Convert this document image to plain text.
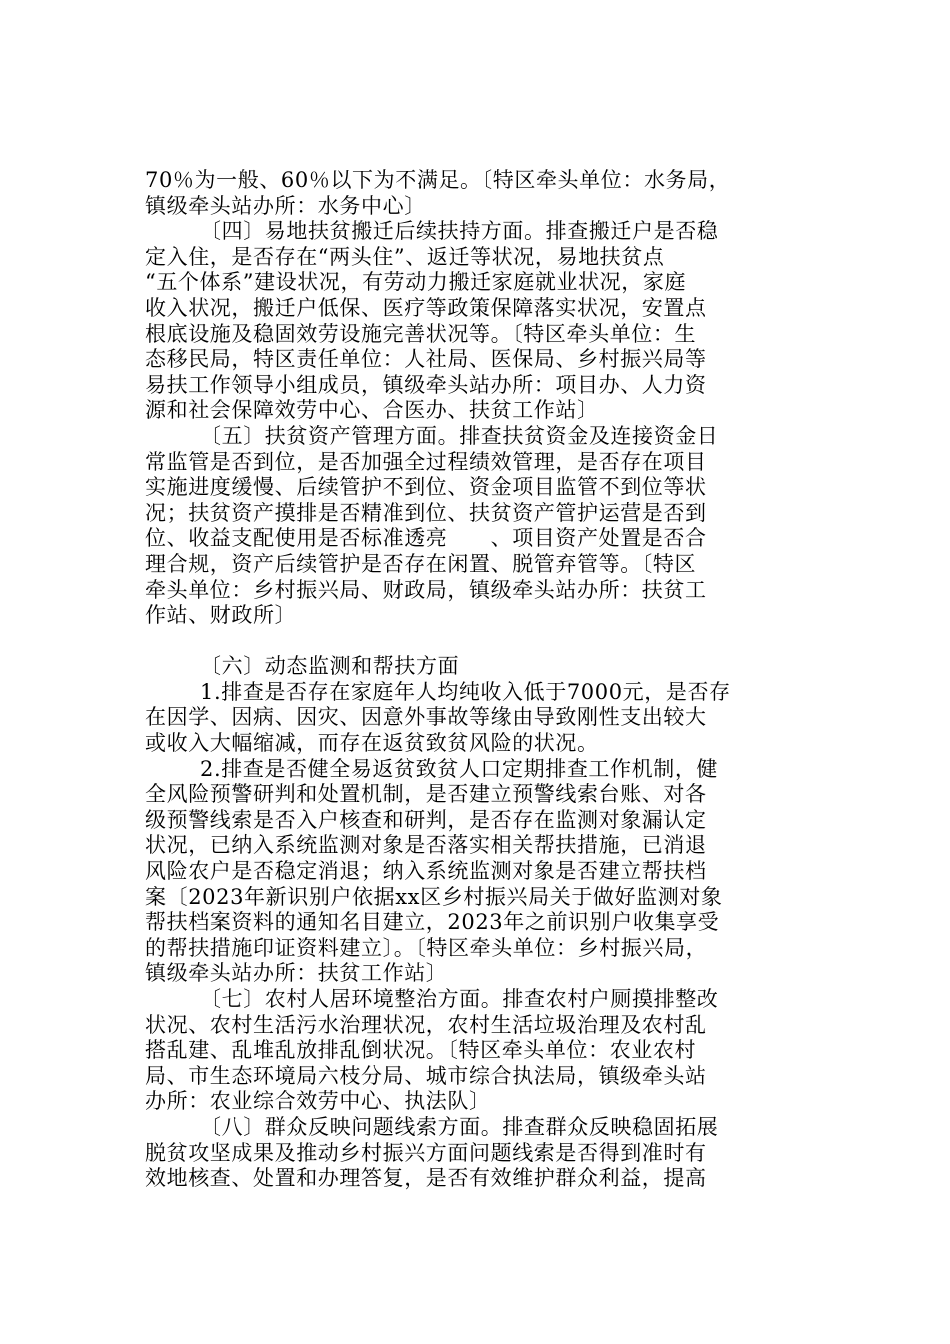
70％为一般、60％以下为不满足。〔特区牵头单位：水务局，
镇级牵头站办所：水务中心〕
〔四〕易地扶贫搬迁后续扶持方面。排查搬迁户是否稳
定入住，是否存在“两头住”、返迁等状况，易地扶贫点
“五个体系”建设状况，有劳动力搬迁家庭就业状况，家庭
收入状况，搬迁户低保、医疗等政策保障落实状况，安置点
根底设施及稳固效劳设施完善状况等。〔特区牵头单位：生
态移民局，特区责任单位：人社局、医保局、乡村振兴局等
易扶工作领导小组成员，镇级牵头站办所：项目办、人力资
源和社会保障效劳中心、合医办、扶贫工作站〕
〔五〕扶贫资产管理方面。排查扶贫资金及连接资金日
常监管是否到位，是否加强全过程绩效管理，是否存在项目
实施进度缓慢、后续管护不到位、资金项目监管不到位等状
况；扶贫资产摸排是否精准到位、扶贫资产管护运营是否到
位、收益支配使用是否标准透亮　　、项目资产处置是否合
理合规，资产后续管护是否存在闲置、脱管弃管等。〔特区
牵头单位：乡村振兴局、财政局，镇级牵头站办所：扶贫工
作站、财政所〕
〔六〕动态监测和帮扶方面
1.排查是否存在家庭年人均纯收入低于7000元，是否存
在因学、因病、因灾、因意外事故等缘由导致刚性支出较大
或收入大幅缩减，而存在返贫致贫风险的状况。
2.排查是否健全易返贫致贫人口定期排查工作机制，健
全风险预警研判和处置机制，是否建立预警线索台账、对各
级预警线索是否入户核查和研判，是否存在监测对象漏认定
状况，已纳入系统监测对象是否落实相关帮扶措施，已消退
风险农户是否稳定消退；纳入系统监测对象是否建立帮扶档
案〔2023年新识别户依据xx区乡村振兴局关于做好监测对象
帮扶档案资料的通知名目建立，2023年之前识别户收集享受
的帮扶措施印证资料建立〕。〔特区牵头单位：乡村振兴局，
镇级牵头站办所：扶贫工作站〕
〔七〕农村人居环境整治方面。排查农村户厕摸排整改
状况、农村生活污水治理状况，农村生活垃圾治理及农村乱
搭乱建、乱堆乱放排乱倒状况。〔特区牵头单位：农业农村
局、市生态环境局六枝分局、城市综合执法局，镇级牵头站
办所：农业综合效劳中心、执法队〕
〔八〕群众反映问题线索方面。排查群众反映稳固拓展
脱贫攻坚成果及推动乡村振兴方面问题线索是否得到准时有
效地核查、处置和办理答复，是否有效维护群众利益，提高
